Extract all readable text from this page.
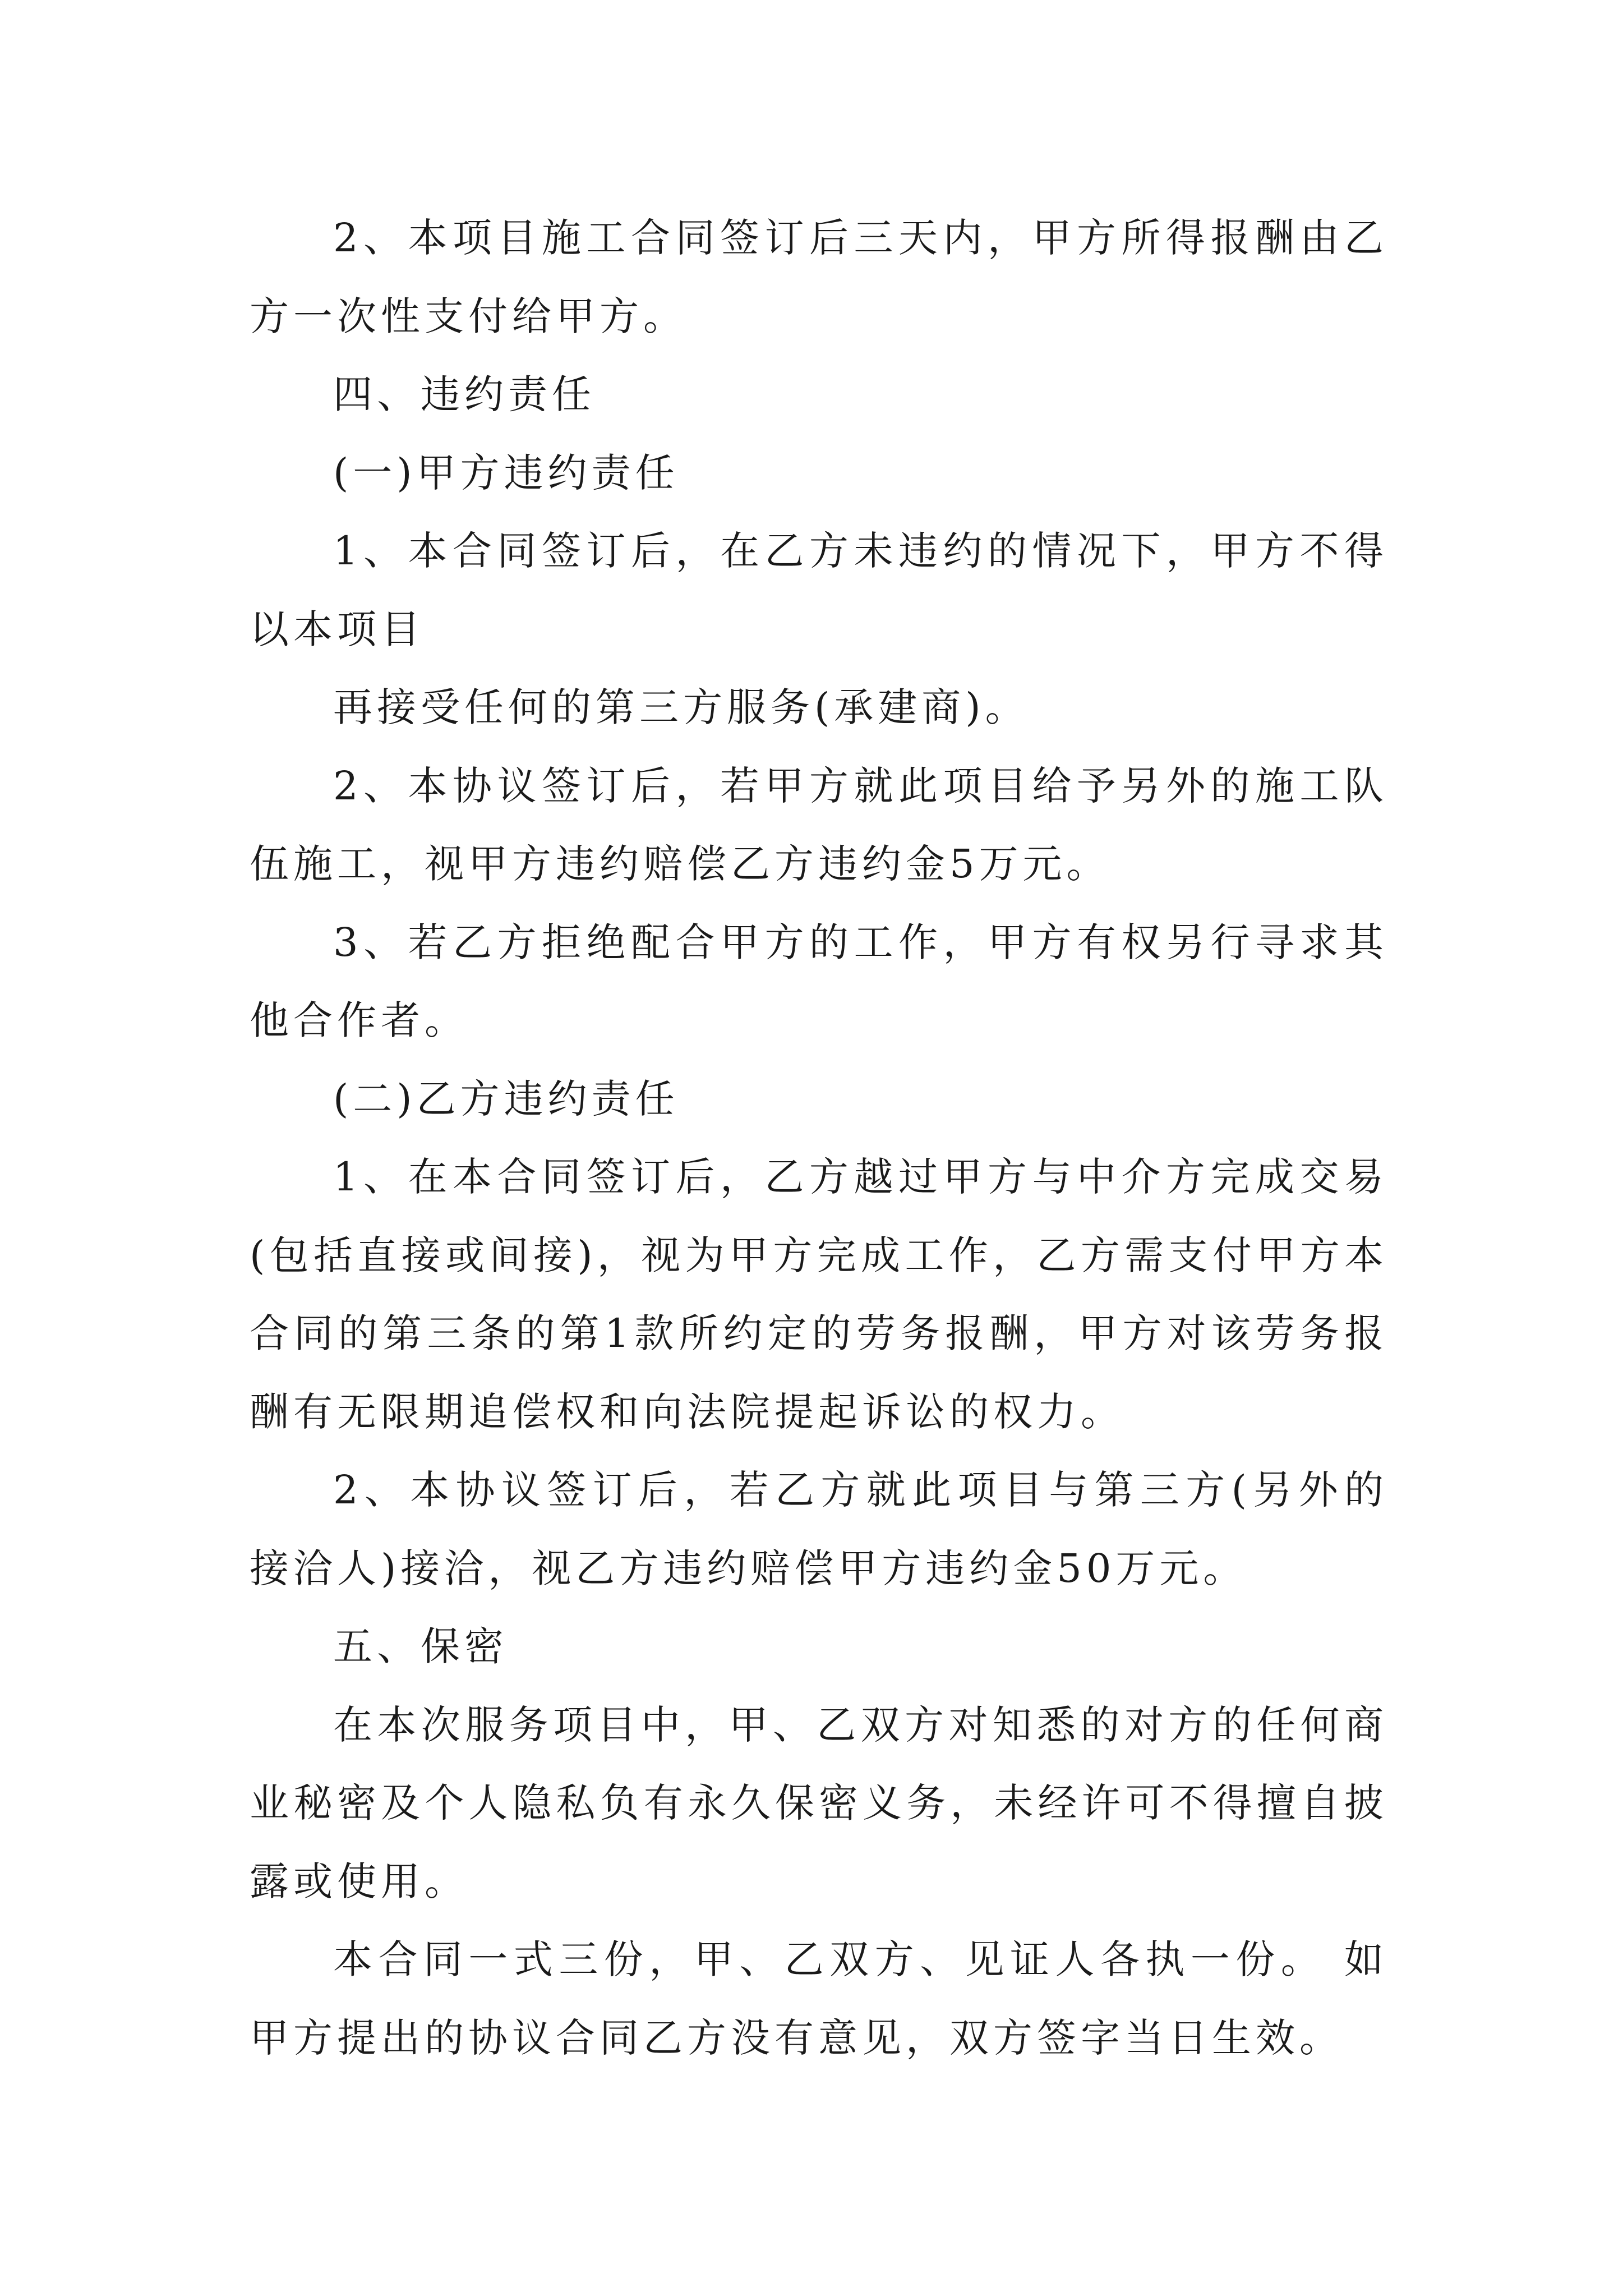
2、本项目施工合同签订后三天内，甲方所得报酬由乙方一次性支付给甲方。

四、违约责任

(一)甲方违约责任

1、本合同签订后，在乙方未违约的情况下，甲方不得以本项目

再接受任何的第三方服务(承建商)。

2、本协议签订后，若甲方就此项目给予另外的施工队伍施工，视甲方违约赔偿乙方违约金5万元。

3、若乙方拒绝配合甲方的工作，甲方有权另行寻求其他合作者。

(二)乙方违约责任

1、在本合同签订后，乙方越过甲方与中介方完成交易(包括直接或间接)，视为甲方完成工作，乙方需支付甲方本合同的第三条的第1款所约定的劳务报酬，甲方对该劳务报酬有无限期追偿权和向法院提起诉讼的权力。

2、本协议签订后，若乙方就此项目与第三方(另外的接洽人)接洽，视乙方违约赔偿甲方违约金50万元。

五、保密

在本次服务项目中，甲、乙双方对知悉的对方的任何商业秘密及个人隐私负有永久保密义务，未经许可不得擅自披露或使用。

本合同一式三份，甲、乙双方、见证人各执一份。 如甲方提出的协议合同乙方没有意见，双方签字当日生效。
